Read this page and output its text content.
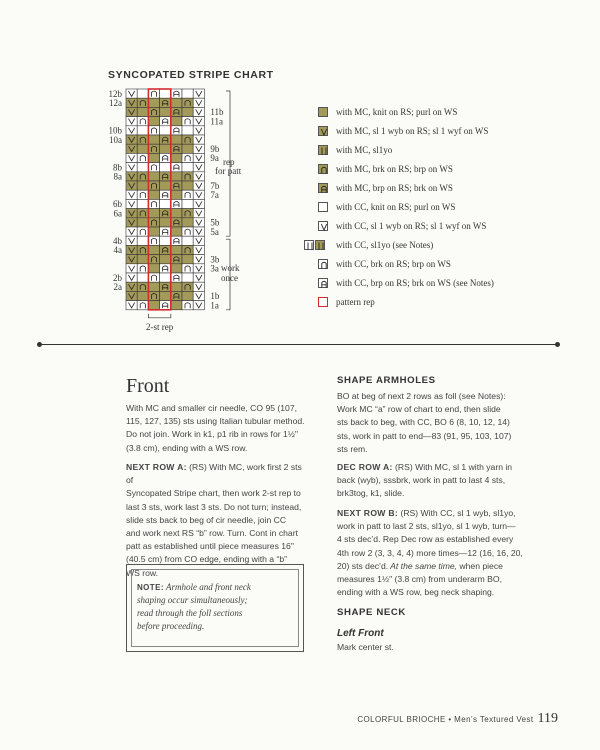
SYNCOPATED STRIPE CHART
12b
12a
10b
10a
8b
8a
6b
6a
4b
4a
2b
2a
11b
11a
9b
9a
7b
7a
5b
5a
3b
3a
1b
1a
rep
for patt
work
once
2-st rep
with MC, knit on RS; purl on WS
with MC, sl 1 wyb on RS; sl 1 wyf on WS
with MC, sl1yo
with MC, brk on RS; brp on WS
with MC, brp on RS; brk on WS
with CC, knit on RS; purl on WS
with CC, sl 1 wyb on RS; sl 1 wyf on WS
with CC, sl1yo (see Notes)
with CC, brk on RS; brp on WS
with CC, brp on RS; brk on WS (see Notes)
pattern rep
Front
With MC and smaller cir needle, CO 95 (107,
115, 127, 135) sts using Italian tubular method.
Do not join. Work in k1, p1 rib in rows for 1½"
(3.8 cm), ending with a WS row.
NEXT ROW A: (RS) With MC, work first 2 sts of
Syncopated Stripe chart, then work 2-st rep to
last 3 sts, work last 3 sts. Do not turn; instead,
slide sts back to beg of cir needle, join CC
and work next RS “b” row. Turn. Cont in chart
patt as established until piece measures 16"
(40.5 cm) from CO edge, ending with a “b”
WS row.
NOTE: Armhole and front neck
shaping occur simultaneously;
read through the foll sections
before proceeding.
SHAPE ARMHOLES
BO at beg of next 2 rows as foll (see Notes):
Work MC “a” row of chart to end, then slide
sts back to beg, with CC, BO 6 (8, 10, 12, 14)
sts, work in patt to end—83 (91, 95, 103, 107)
sts rem.
DEC ROW A: (RS) With MC, sl 1 with yarn in
back (wyb), sssbrk, work in patt to last 4 sts,
brk3tog, k1, slide.
NEXT ROW B: (RS) With CC, sl 1 wyb, sl1yo,
work in patt to last 2 sts, sl1yo, sl 1 wyb, turn—
4 sts dec’d. Rep Dec row as established every
4th row 2 (3, 3, 4, 4) more times—12 (16, 16, 20,
20) sts dec’d. At the same time, when piece
measures 1½" (3.8 cm) from underarm BO,
ending with a WS row, beg neck shaping.
SHAPE NECK
Left Front
Mark center st.
COLORFUL BRIOCHE • Men’s Textured Vest 119
